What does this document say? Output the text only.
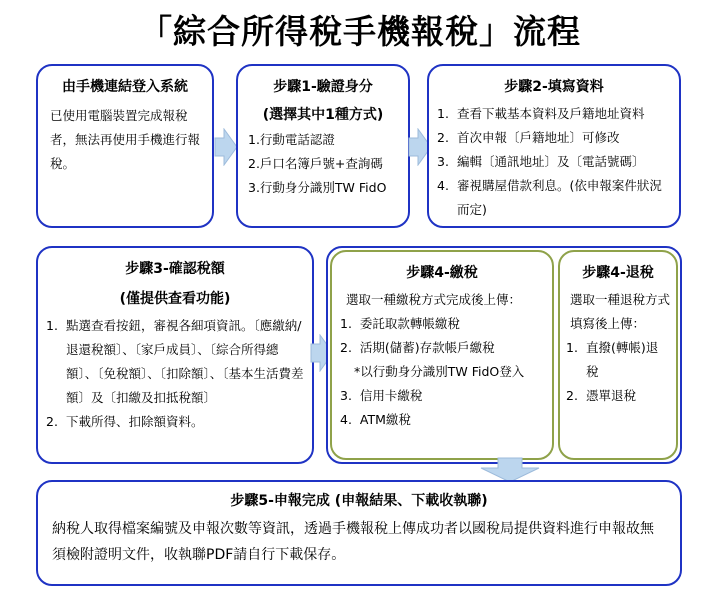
「綜合所得稅手機報稅」流程
由手機連結登入系統
已使用電腦裝置完成報稅者，無法再使用手機進行報稅。
步驟1-驗證身分
(選擇其中1種方式)
1.行動電話認證
2.戶口名簿戶號+查詢碼
3.行動身分識別TW FidO
步驟2-填寫資料
查看下載基本資料及戶籍地址資料
首次申報〔戶籍地址〕可修改
編輯〔通訊地址〕及〔電話號碼〕
審視購屋借款利息。(依申報案件狀況而定)
步驟3-確認稅額
(僅提供查看功能)
點選查看按鈕，審視各細項資訊。〔應繳納/退還稅額〕、〔家戶成員〕、〔綜合所得總額〕、〔免稅額〕、〔扣除額〕、〔基本生活費差額〕及〔扣繳及扣抵稅額〕
下載所得、扣除額資料。
步驟4-繳稅
選取一種繳稅方式完成後上傳：
1.  委託取款轉帳繳稅
2.  活期(儲蓄)存款帳戶繳稅
*以行動身分識別TW FidO登入
3.  信用卡繳稅
4.  ATM繳稅
步驟4-退稅
選取一種退稅方式填寫後上傳：
直撥(轉帳)退稅
憑單退稅
步驟5-申報完成 (申報結果、下載收執聯)
納稅人取得檔案編號及申報次數等資訊，透過手機報稅上傳成功者以國稅局提供資料進行申報故無須檢附證明文件，收執聯PDF請自行下載保存。
